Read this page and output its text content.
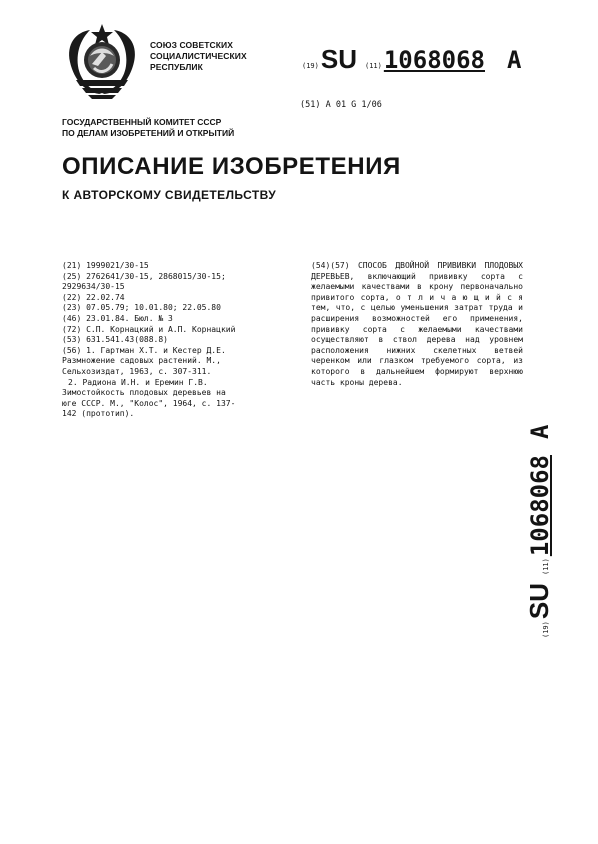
СОЮЗ СОВЕТСКИХ
СОЦИАЛИСТИЧЕСКИХ
РЕСПУБЛИК	(19) SU (11) 1068068 A
(51) А 01 G 1/06
ГОСУДАРСТВЕННЫЙ КОМИТЕТ СССР
ПО ДЕЛАМ ИЗОБРЕТЕНИЙ И ОТКРЫТИЙ
ОПИСАНИЕ ИЗОБРЕТЕНИЯ
К АВТОРСКОМУ СВИДЕТЕЛЬСТВУ
(21) 1999021/30-15
(25) 2762641/30-15, 2868015/30-15;
2929634/30-15
(22) 22.02.74
(23) 07.05.79; 10.01.80; 22.05.80
(46) 23.01.84. Бюл. № 3
(72) С.П. Корнацкий и А.П. Корнацкий
(53) 631.541.43(088.8)
(56) 1. Гартман Х.Т. и Кестер Д.Е.
Размножение садовых растений. М.,
Сельхозиздат, 1963, с. 307-311.
2. Радиона И.Н. и Еремин Г.В.
Зимостойкость плодовых деревьев на
юге СССР. М., "Колос", 1964, с. 137-
142 (прототип).
(54)(57) СПОСОБ ДВОЙНОЙ ПРИВИВКИ ПЛОДОВЫХ ДЕРЕВЬЕВ, включающий прививку сорта с желаемыми качествами в крону первоначально привитого сорта, о т л и ч а ю щ и й с я тем, что, с целью уменьшения затрат труда и расширения возможностей его применения, прививку сорта с желаемыми качествами осуществляют в ствол дерева над уровнем расположения нижних скелетных ветвей черенком или глазком требуемого сорта, из которого в дальнейшем формируют верхнюю часть кроны дерева.
(19)
SU
(11)
1068068
A
